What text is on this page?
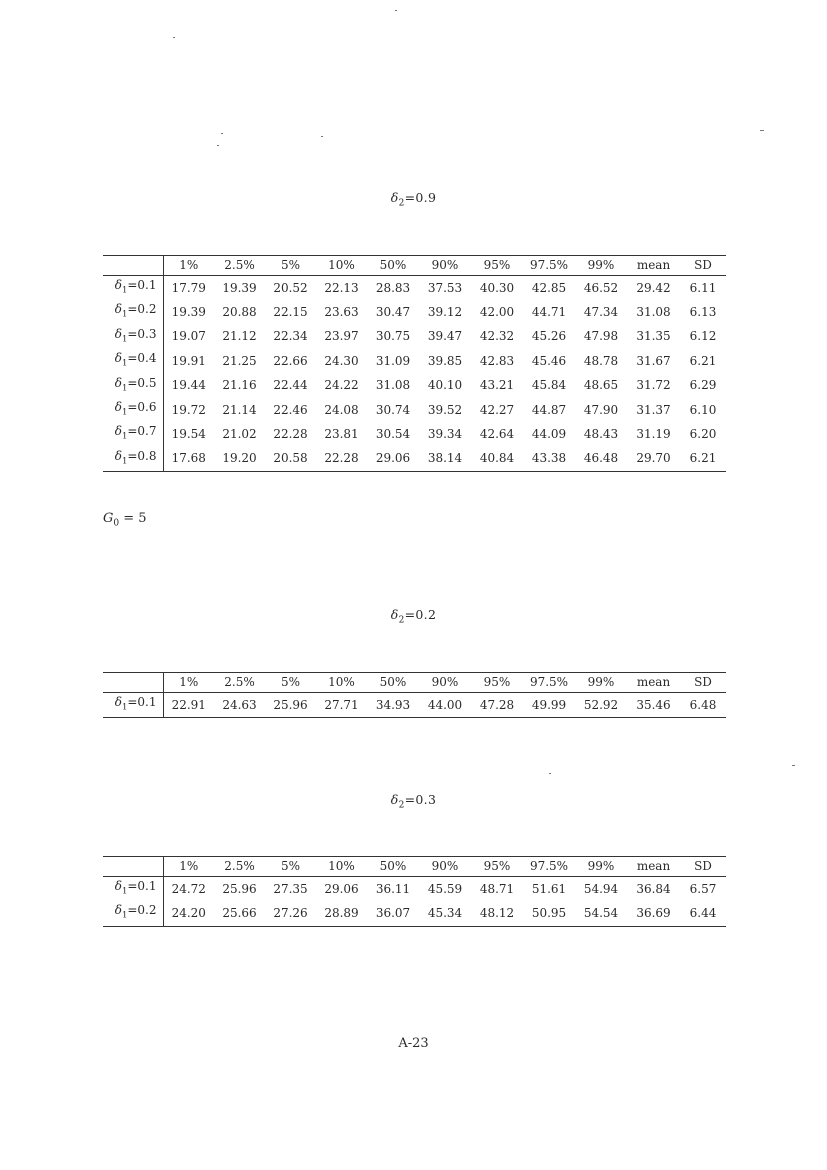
$\delta_2=0.9$
	1%	2.5%	5%	10%	50%	90%	95%	97.5%	99%	mean	SD
$\delta_1=0.1$	17.79	19.39	20.52	22.13	28.83	37.53	40.30	42.85	46.52	29.42	6.11
$\delta_1=0.2$	19.39	20.88	22.15	23.63	30.47	39.12	42.00	44.71	47.34	31.08	6.13
$\delta_1=0.3$	19.07	21.12	22.34	23.97	30.75	39.47	42.32	45.26	47.98	31.35	6.12
$\delta_1=0.4$	19.91	21.25	22.66	24.30	31.09	39.85	42.83	45.46	48.78	31.67	6.21
$\delta_1=0.5$	19.44	21.16	22.44	24.22	31.08	40.10	43.21	45.84	48.65	31.72	6.29
$\delta_1=0.6$	19.72	21.14	22.46	24.08	30.74	39.52	42.27	44.87	47.90	31.37	6.10
$\delta_1=0.7$	19.54	21.02	22.28	23.81	30.54	39.34	42.64	44.09	48.43	31.19	6.20
$\delta_1=0.8$	17.68	19.20	20.58	22.28	29.06	38.14	40.84	43.38	46.48	29.70	6.21
$G_0 = 5$
$\delta_2=0.2$
	1%	2.5%	5%	10%	50%	90%	95%	97.5%	99%	mean	SD
$\delta_1=0.1$	22.91	24.63	25.96	27.71	34.93	44.00	47.28	49.99	52.92	35.46	6.48
$\delta_2=0.3$
	1%	2.5%	5%	10%	50%	90%	95%	97.5%	99%	mean	SD
$\delta_1=0.1$	24.72	25.96	27.35	29.06	36.11	45.59	48.71	51.61	54.94	36.84	6.57
$\delta_1=0.2$	24.20	25.66	27.26	28.89	36.07	45.34	48.12	50.95	54.54	36.69	6.44
A-23
